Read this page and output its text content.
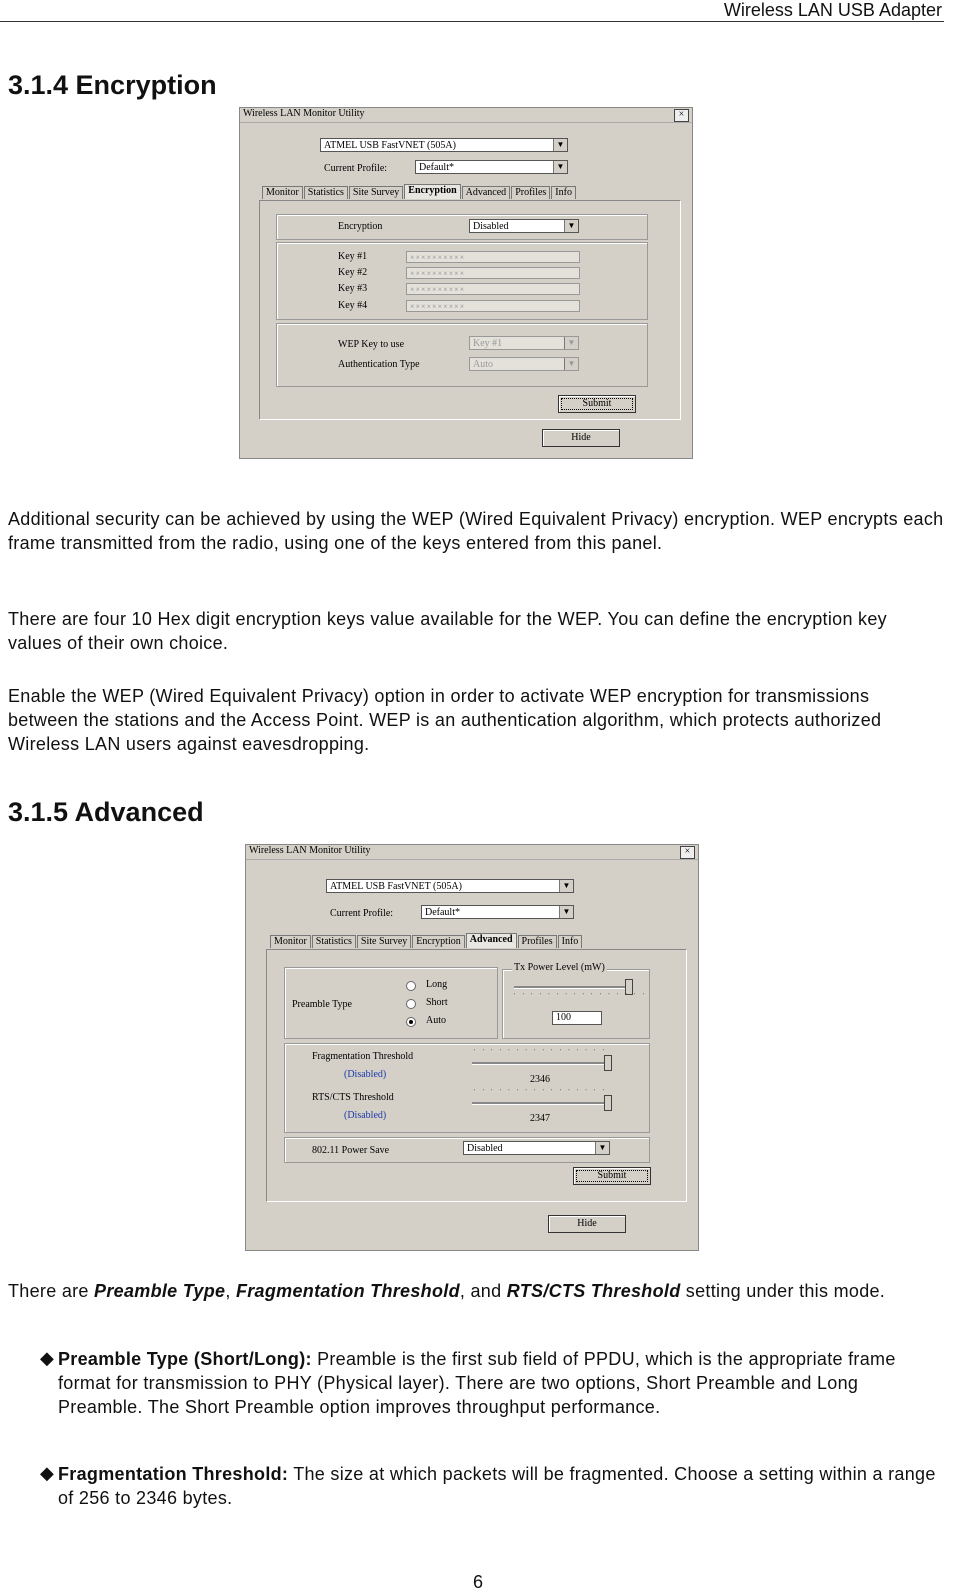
Wireless LAN USB Adapter
3.1.4 Encryption
Wireless LAN Monitor Utility	×
ATMEL USB FastVNET (505A)	▼
Current Profile:	Default*	▼
Monitor Statistics Site Survey Encryption Advanced Profiles Info
Encryption	Disabled	▼
Key #1	××××××××××
Key #2	××××××××××
Key #3	××××××××××
Key #4	××××××××××
WEP Key to use	Key #1	▼
Authentication Type	Auto	▼
Submit
Hide

Additional security can be achieved by using the WEP (Wired Equivalent Privacy) encryption. WEP encrypts each frame transmitted from the radio, using one of the keys entered from this panel.

There are four 10 Hex digit encryption keys value available for the WEP. You can define the encryption key values of their own choice.

Enable the WEP (Wired Equivalent Privacy) option in order to activate WEP encryption for transmissions between the stations and the Access Point. WEP is an authentication algorithm, which protects authorized Wireless LAN users against eavesdropping.

3.1.5 Advanced
Wireless LAN Monitor Utility	×
ATMEL USB FastVNET (505A)	▼
Current Profile:	Default*	▼
Monitor Statistics Site Survey Encryption Advanced Profiles Info
Preamble Type
Long
Short
Auto
Tx Power Level (mW)
' ' ' ' ' ' ' ' ' ' ' ' ' ' ' '
100
Fragmentation Threshold
(Disabled)
' ' ' ' ' ' ' ' ' ' ' ' ' ' ' '
2346
RTS/CTS Threshold
(Disabled)
' ' ' ' ' ' ' ' ' ' ' ' ' ' ' '
2347
802.11 Power Save	Disabled	▼
Submit
Hide

There are Preamble Type, Fragmentation Threshold, and RTS/CTS Threshold setting under this mode.

◆ Preamble Type (Short/Long): Preamble is the first sub field of PPDU, which is the appropriate frame format for transmission to PHY (Physical layer). There are two options, Short Preamble and Long Preamble. The Short Preamble option improves throughput performance.

◆ Fragmentation Threshold: The size at which packets will be fragmented. Choose a setting within a range of 256 to 2346 bytes.

6
